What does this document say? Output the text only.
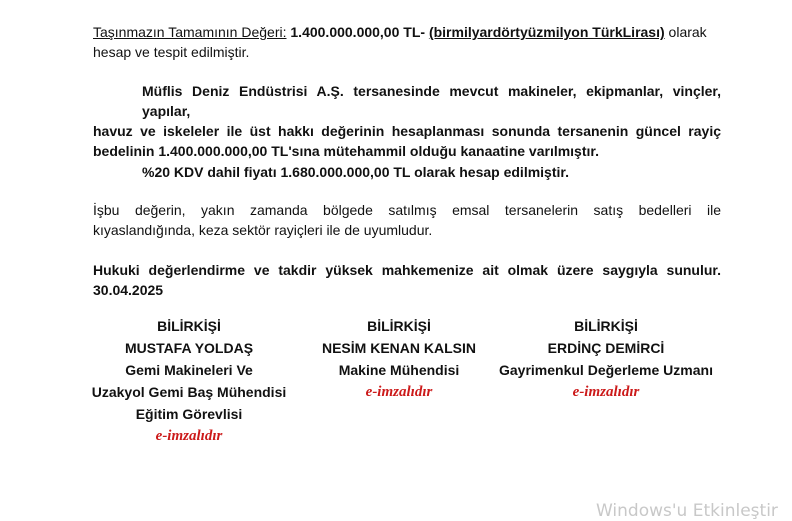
Taşınmazın Tamamının Değeri: 1.400.000.000,00 TL- (birmilyardörtyüzmilyon TürkLirası) olarak
hesap ve tespit edilmiştir.

Müflis Deniz Endüstrisi A.Ş. tersanesinde mevcut makineler, ekipmanlar, vinçler, yapılar,
havuz ve iskeleler ile üst hakkı değerinin hesaplanması sonunda tersanenin güncel rayiç
bedelinin 1.400.000.000,00 TL'sına mütehammil olduğu kanaatine varılmıştır.
%20 KDV dahil fiyatı 1.680.000.000,00 TL olarak hesap edilmiştir.
İşbu değerin, yakın zamanda bölgede satılmış emsal tersanelerin satış bedelleri ile
kıyaslandığında, keza sektör rayiçleri ile de uyumludur.
Hukuki değerlendirme ve takdir yüksek mahkemenize ait olmak üzere saygıyla sunulur.
30.04.2025
BİLİRKİŞİ
MUSTAFA YOLDAŞ
Gemi Makineleri Ve
Uzakyol Gemi Baş Mühendisi
Eğitim Görevlisi
e-imzalıdır
BİLİRKİŞİ
NESİM KENAN KALSIN
Makine Mühendisi
e-imzalıdır
BİLİRKİŞİ
ERDİNÇ DEMİRCİ
Gayrimenkul Değerleme Uzmanı
e-imzalıdır
Windows'u Etkinleştir
